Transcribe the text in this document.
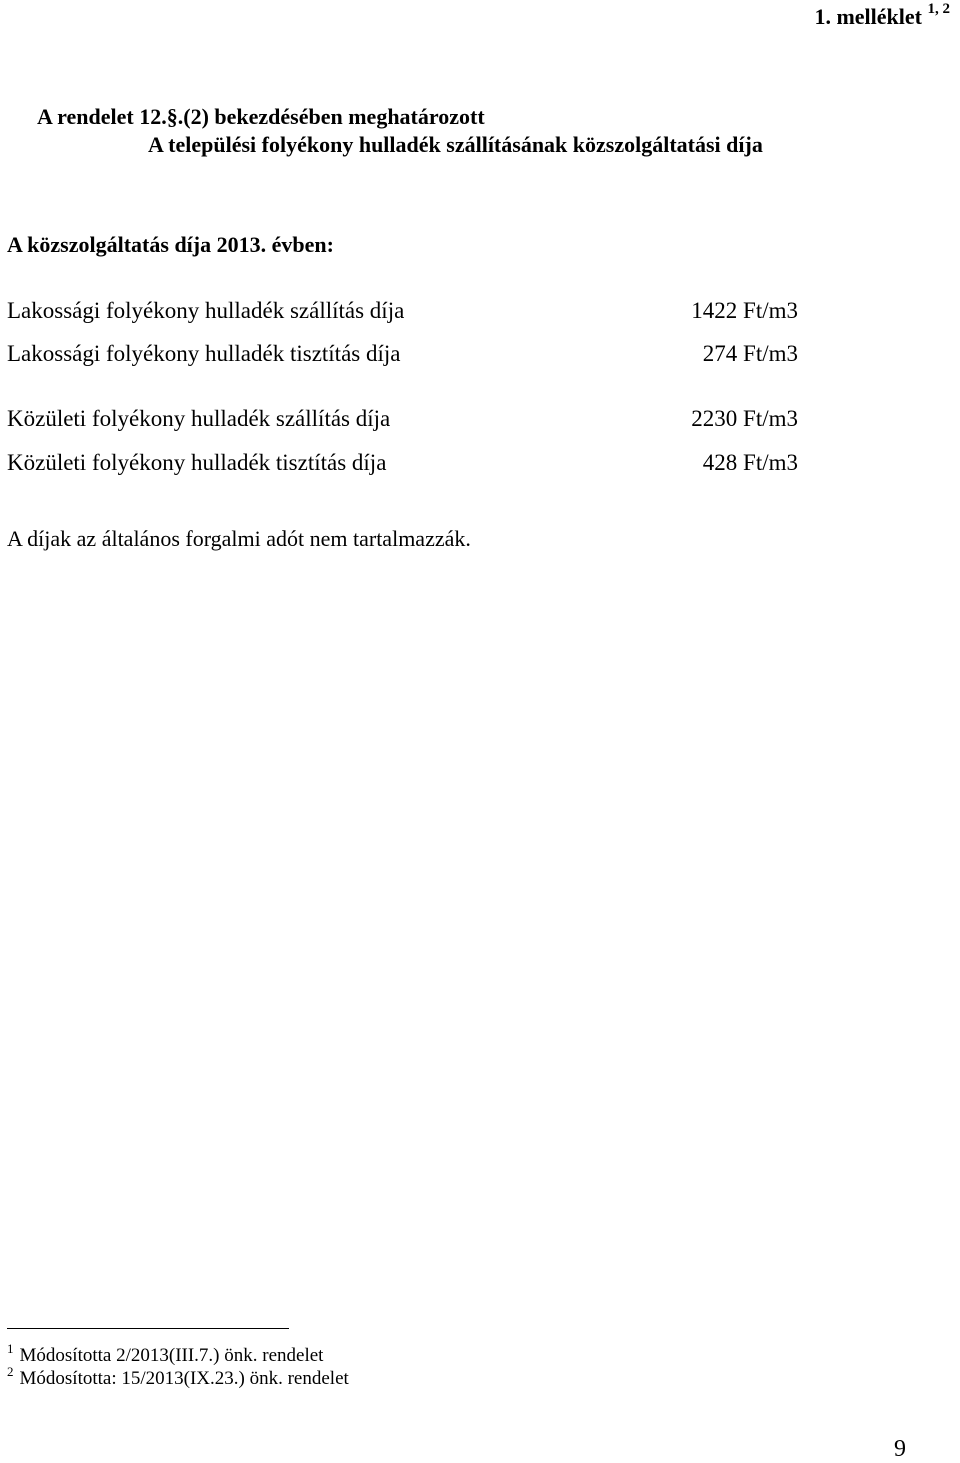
1. melléklet $^{1, 2}$
A rendelet 12.§.(2) bekezdésében meghatározott
A települési folyékony hulladék szállításának közszolgáltatási díja
A közszolgáltatás díja 2013. évben:
Lakossági folyékony hulladék szállítás díja	1422 Ft/m3
Lakossági folyékony hulladék tisztítás díja	274 Ft/m3
Közületi folyékony hulladék szállítás díja	2230 Ft/m3
Közületi folyékony hulladék tisztítás díja	428 Ft/m3
A díjak az általános forgalmi adót nem tartalmazzák.
$^1$ Módosította 2/2013(III.7.) önk. rendelet
$^2$ Módosította: 15/2013(IX.23.) önk. rendelet
9
